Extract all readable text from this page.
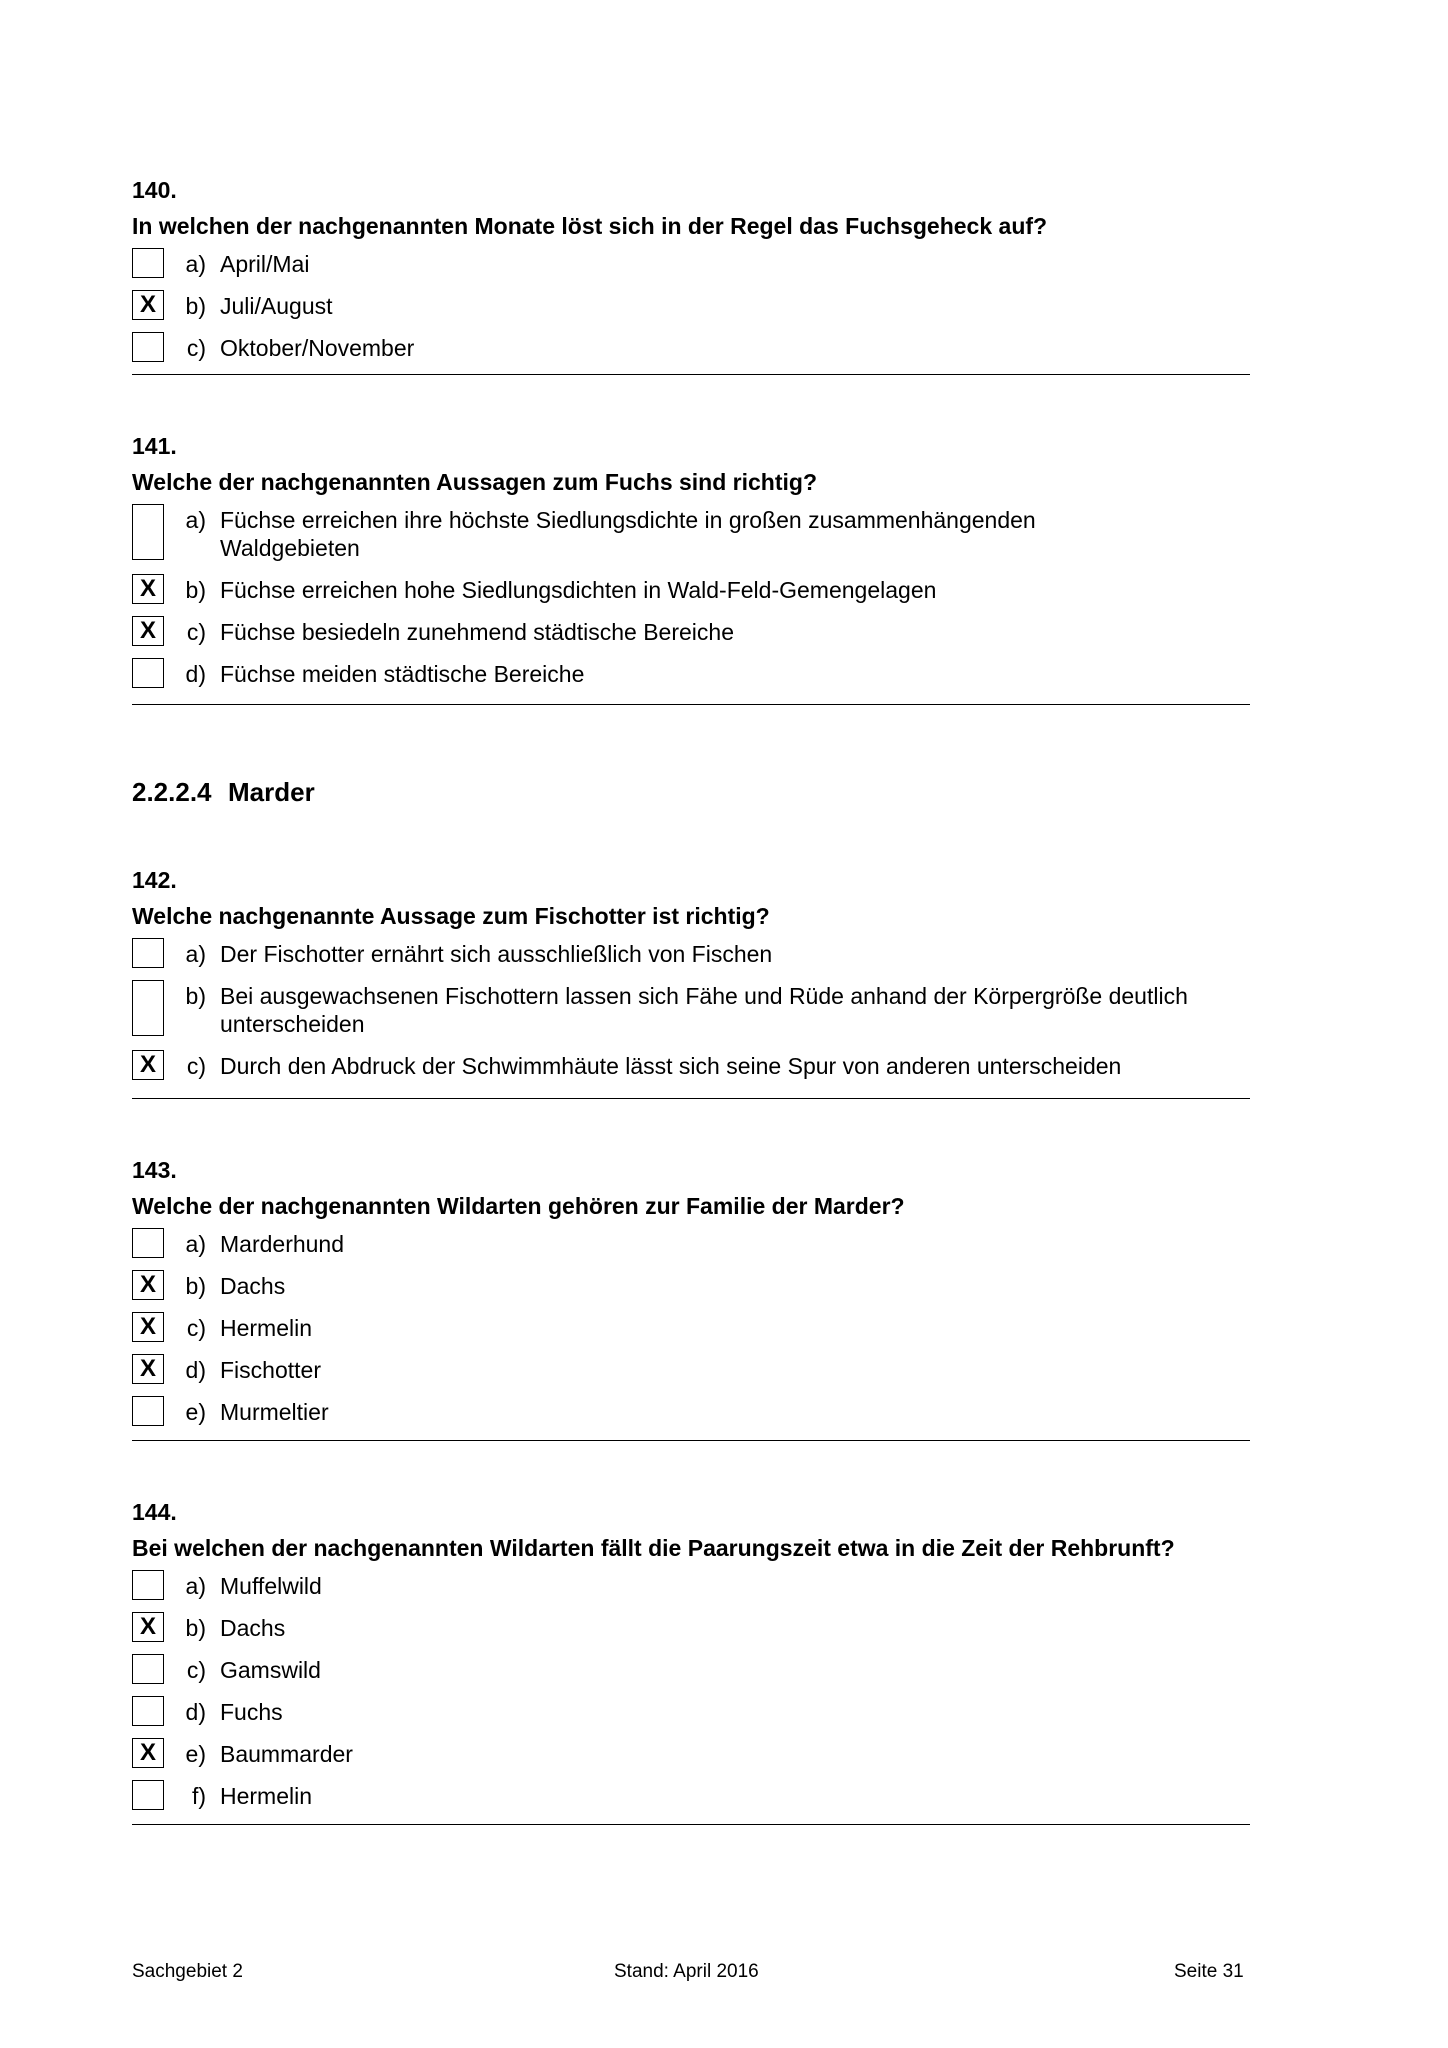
140.
In welchen der nachgenannten Monate löst sich in der Regel das Fuchsgeheck auf?
a) April/Mai
X	b) Juli/August
c) Oktober/November
141.
Welche der nachgenannten Aussagen zum Fuchs sind richtig?
a) Füchse erreichen ihre höchste Siedlungsdichte in großen zusammenhängenden Waldgebieten
X	b) Füchse erreichen hohe Siedlungsdichten in Wald-Feld-Gemengelagen
X	c) Füchse besiedeln zunehmend städtische Bereiche
d) Füchse meiden städtische Bereiche
2.2.2.4 Marder
142.
Welche nachgenannte Aussage zum Fischotter ist richtig?
a) Der Fischotter ernährt sich ausschließlich von Fischen
b) Bei ausgewachsenen Fischottern lassen sich Fähe und Rüde anhand der Körpergröße deutlich unterscheiden
X	c) Durch den Abdruck der Schwimmhäute lässt sich seine Spur von anderen unterscheiden
143.
Welche der nachgenannten Wildarten gehören zur Familie der Marder?
a) Marderhund
X	b) Dachs
X	c) Hermelin
X	d) Fischotter
e) Murmeltier
144.
Bei welchen der nachgenannten Wildarten fällt die Paarungszeit etwa in die Zeit der Rehbrunft?
a) Muffelwild
X	b) Dachs
c) Gamswild
d) Fuchs
X	e) Baummarder
f) Hermelin
Sachgebiet 2	Stand: April 2016	Seite 31
